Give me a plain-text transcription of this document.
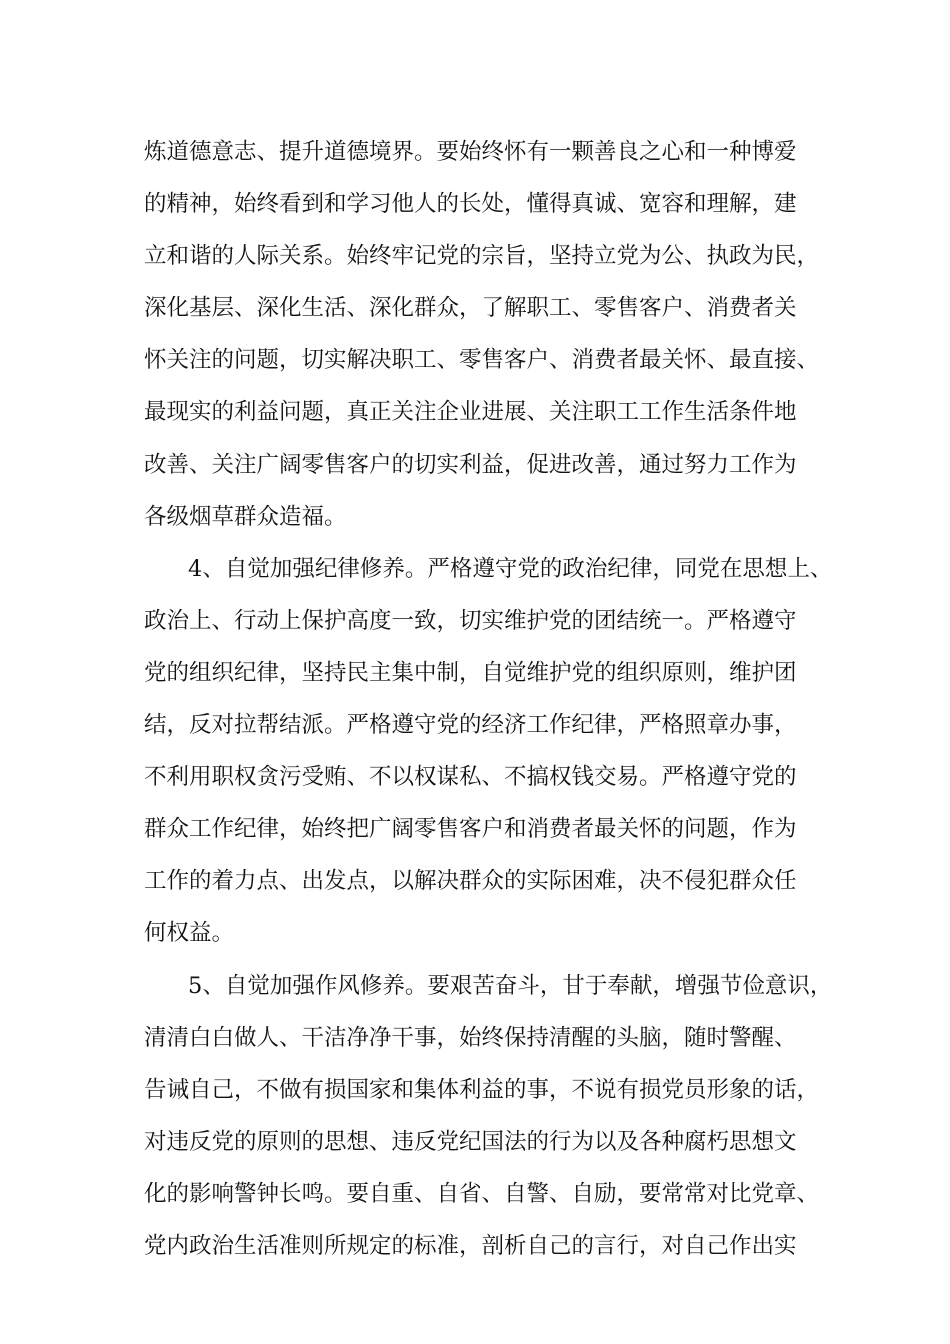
炼道德意志、提升道德境界。要始终怀有一颗善良之心和一种博爱
的精神，始终看到和学习他人的长处，懂得真诚、宽容和理解，建
立和谐的人际关系。始终牢记党的宗旨，坚持立党为公、执政为民，
深化基层、深化生活、深化群众，了解职工、零售客户、消费者关
怀关注的问题，切实解决职工、零售客户、消费者最关怀、最直接、
最现实的利益问题，真正关注企业进展、关注职工工作生活条件地
改善、关注广阔零售客户的切实利益，促进改善，通过努力工作为
各级烟草群众造福。
4、自觉加强纪律修养。严格遵守党的政治纪律，同党在思想上、
政治上、行动上保护高度一致，切实维护党的团结统一。严格遵守
党的组织纪律，坚持民主集中制，自觉维护党的组织原则，维护团
结，反对拉帮结派。严格遵守党的经济工作纪律，严格照章办事，
不利用职权贪污受贿、不以权谋私、不搞权钱交易。严格遵守党的
群众工作纪律，始终把广阔零售客户和消费者最关怀的问题，作为
工作的着力点、出发点，以解决群众的实际困难，决不侵犯群众任
何权益。
5、自觉加强作风修养。要艰苦奋斗，甘于奉献，增强节俭意识，
清清白白做人、干洁净净干事，始终保持清醒的头脑，随时警醒、
告诫自己，不做有损国家和集体利益的事，不说有损党员形象的话，
对违反党的原则的思想、违反党纪国法的行为以及各种腐朽思想文
化的影响警钟长鸣。要自重、自省、自警、自励，要常常对比党章、
党内政治生活准则所规定的标准，剖析自己的言行，对自己作出实
